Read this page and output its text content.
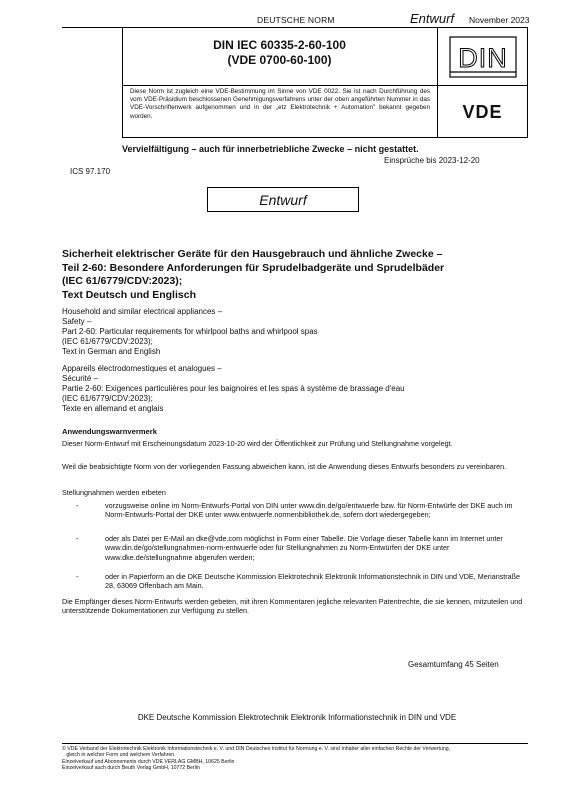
DEUTSCHE NORM	Entwurf November 2023
DIN IEC 60335-2-60-100
(VDE 0700-60-100)
Diese Norm ist zugleich eine VDE-Bestimmung im Sinne von VDE 0022. Sie ist nach Durchführung des vom VDE-Präsidium beschlossenen Genehmigungsverfahrens unter der oben angeführten Nummer in das VDE-Vorschriftenwerk aufgenommen und in der „etz Elektrotechnik + Automation" bekannt gegeben worden.
DIN
VDE
Vervielfältigung – auch für innerbetriebliche Zwecke – nicht gestattet.
Einsprüche bis 2023-12-20
ICS 97.170
Entwurf
Sicherheit elektrischer Geräte für den Hausgebrauch und ähnliche Zwecke –
Teil 2-60: Besondere Anforderungen für Sprudelbadgeräte und Sprudelbäder
(IEC 61/6779/CDV:2023);
Text Deutsch und Englisch
Household and similar electrical appliances –
Safety –
Part 2-60: Particular requirements for whirlpool baths and whirlpool spas
(IEC 61/6779/CDV:2023);
Text in German and English
Appareils électrodomestiques et analogues –
Sécurité –
Partie 2-60: Exigences particulières pour les baignoires et les spas à système de brassage d'eau
(IEC 61/6779/CDV:2023);
Texte en allemand et anglais
Anwendungswarnvermerk
Dieser Norm-Entwurf mit Erscheinungsdatum 2023-10-20 wird der Öffentlichkeit zur Prüfung und Stellungnahme vorgelegt.
Weil die beabsichtigte Norm von der vorliegenden Fassung abweichen kann, ist die Anwendung dieses Entwurfs besonders zu vereinbaren.
Stellungnahmen werden erbeten
-	vorzugsweise online im Norm-Entwurfs-Portal von DIN unter www.din.de/go/entwuerfe bzw. für Norm-Entwürfe der DKE auch im Norm-Entwurfs-Portal der DKE unter www.entwuerfe.normenbibliothek.de, sofern dort wiedergegeben;
-	oder als Datei per E-Mail an dke@vde.com möglichst in Form einer Tabelle. Die Vorlage dieser Tabelle kann im Internet unter www.din.de/go/stellungnahmen-norm-entwuerfe oder für Stellungnahmen zu Norm-Entwürfen der DKE unter www.dke.de/stellungnahme abgerufen werden;
-	oder in Papierform an die DKE Deutsche Kommission Elektrotechnik Elektronik Informationstechnik in DIN und VDE, Merianstraße 28, 63069 Offenbach am Main.
Die Empfänger dieses Norm-Entwurfs werden gebeten, mit ihren Kommentaren jegliche relevanten Patentrechte, die sie kennen, mitzuteilen und unterstützende Dokumentationen zur Verfügung zu stellen.
Gesamtumfang 45 Seiten
DKE Deutsche Kommission Elektrotechnik Elektronik Informationstechnik in DIN und VDE
© VDE Verband der Elektrotechnik Elektronik Informationstechnik e. V. und DIN Deutsches Institut für Normung e. V. sind Inhaber aller einfachen Rechte der Verwertung,
gleich in welcher Form und welchem Verfahren.
Einzelverkauf und Abonnements durch VDE VERLAG GMBH, 10625 Berlin
Einzelverkauf auch durch Beuth Verlag GmbH, 10772 Berlin
